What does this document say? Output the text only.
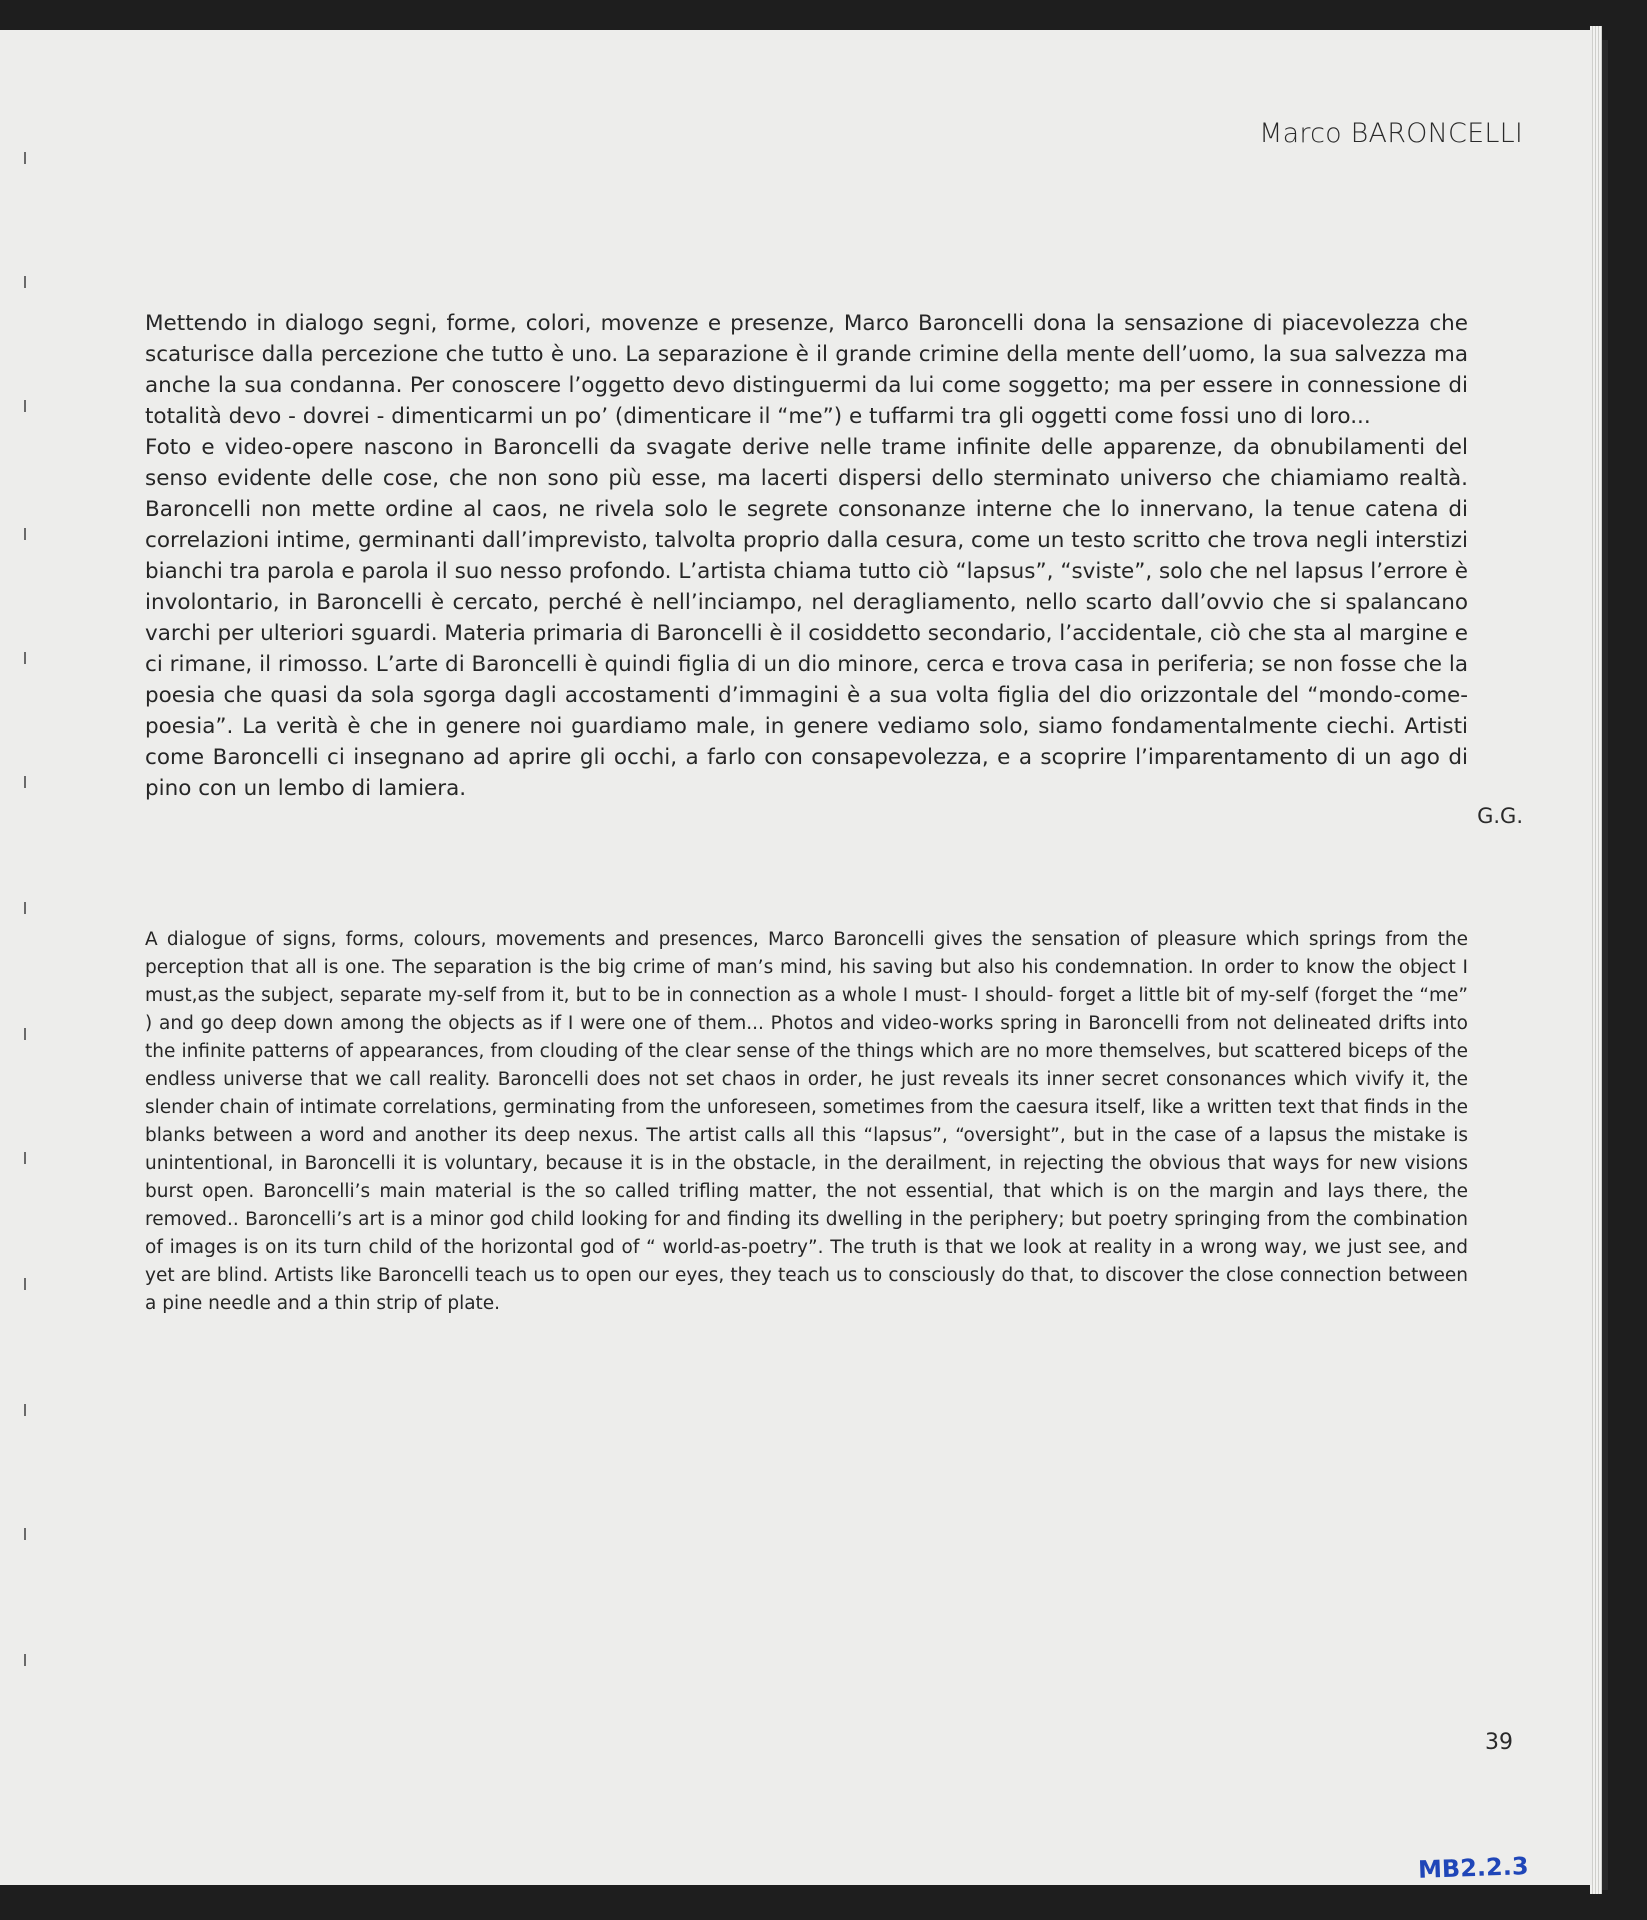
Marco BARONCELLI

Mettendo in dialogo segni, forme, colori, movenze e presenze, Marco Baroncelli dona la sensazione di piacevolezza che scaturisce dalla percezione che tutto è uno. La separazione è il grande crimine della mente dell’uomo, la sua salvezza ma anche la sua condanna. Per conoscere l’oggetto devo distinguermi da lui come soggetto; ma per essere in connessione di totalità devo - dovrei - dimenticarmi un po’ (dimenticare il “me”) e tuffarmi tra gli oggetti come fossi uno di loro...

Foto e video-opere nascono in Baroncelli da svagate derive nelle trame infinite delle apparenze, da obnubilamenti del senso evidente delle cose, che non sono più esse, ma lacerti dispersi dello sterminato universo che chiamiamo realtà. Baroncelli non mette ordine al caos, ne rivela solo le segrete consonanze interne che lo innervano, la tenue catena di correlazioni intime, germinanti dall’imprevisto, talvolta proprio dalla cesura, come un testo scritto che trova negli interstizi bianchi tra parola e parola il suo nesso profondo. L’artista chiama tutto ciò “lapsus”, “sviste”, solo che nel lapsus l’errore è involontario, in Baroncelli è cercato, perché è nell’inciampo, nel deragliamento, nello scarto dall’ovvio che si spalancano varchi per ulteriori sguardi. Materia primaria di Baroncelli è il cosiddetto secondario, l’accidentale, ciò che sta al margine e ci rimane, il rimosso. L’arte di Baroncelli è quindi figlia di un dio minore, cerca e trova casa in periferia; se non fosse che la poesia che quasi da sola sgorga dagli accostamenti d’immagini è a sua volta figlia del dio orizzontale del “mondo-come-poesia”. La verità è che in genere noi guardiamo male, in genere vediamo solo, siamo fondamentalmente ciechi. Artisti come Baroncelli ci insegnano ad aprire gli occhi, a farlo con consapevolezza, e a scoprire l’imparentamento di un ago di pino con un lembo di lamiera.

G.G.

A dialogue of signs, forms, colours, movements and presences, Marco Baroncelli gives the sensation of pleasure which springs from the perception that all is one. The separation is the big crime of man’s mind, his saving but also his condemnation. In order to know the object I must,as the subject, separate my-self from it, but to be in connection as a whole I must- I should- forget a little bit of my-self (forget the “me” ) and go deep down among the objects as if I were one of them... Photos and video-works spring in Baroncelli from not delineated drifts into the infinite patterns of appearances, from clouding of the clear sense of the things which are no more themselves, but scattered biceps of the endless universe that we call reality. Baroncelli does not set chaos in order, he just reveals its inner secret consonances which vivify it, the slender chain of intimate correlations, germinating from the unforeseen, sometimes from the caesura itself, like a written text that finds in the blanks between a word and another its deep nexus. The artist calls all this “lapsus”, “oversight”, but in the case of a lapsus the mistake is unintentional, in Baroncelli it is voluntary, because it is in the obstacle, in the derailment, in rejecting the obvious that ways for new visions burst open. Baroncelli’s main material is the so called trifling matter, the not essential, that which is on the margin and lays there, the removed.. Baroncelli’s art is a minor god child looking for and finding its dwelling in the periphery; but poetry springing from the combination of images is on its turn child of the horizontal god of “ world-as-poetry”. The truth is that we look at reality in a wrong way, we just see, and yet are blind. Artists like Baroncelli teach us to open our eyes, they teach us to consciously do that, to discover the close connection between a pine needle and a thin strip of plate.

39

MB2.2.3
